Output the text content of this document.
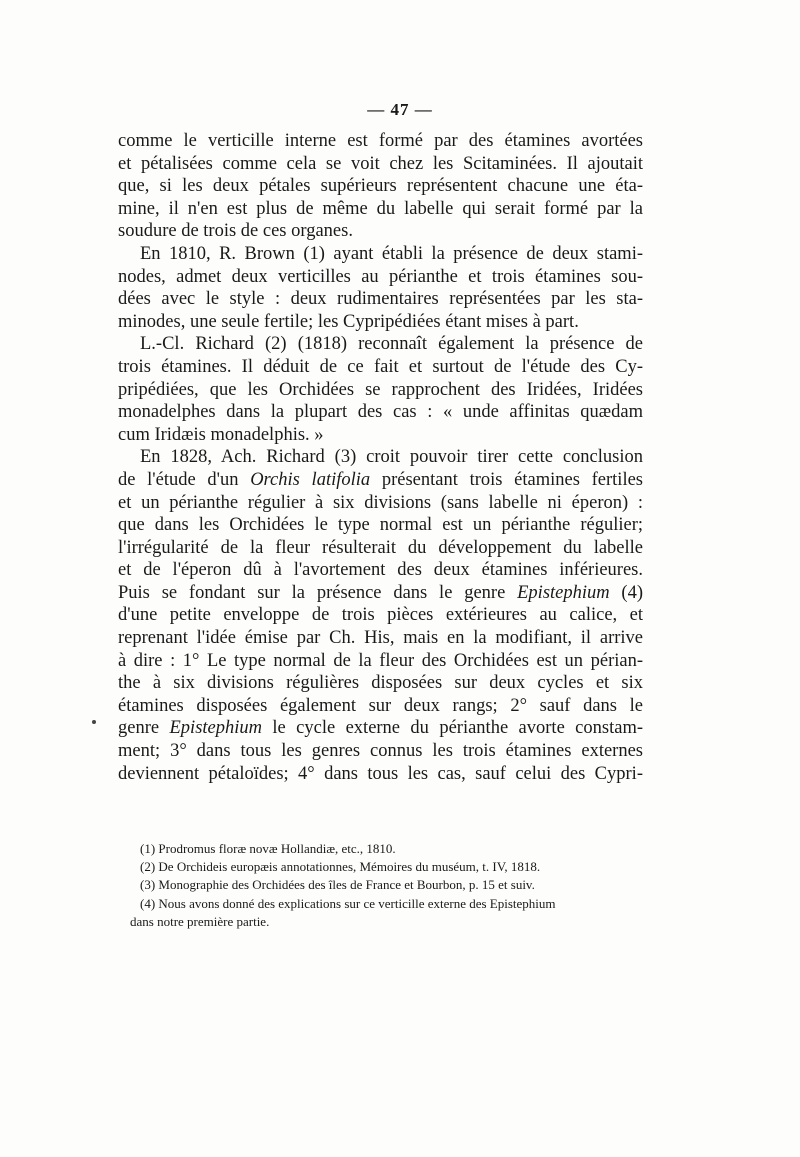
— 47 —
comme le verticille interne est formé par des étamines avortées
et pétalisées comme cela se voit chez les Scitaminées. Il ajoutait
que, si les deux pétales supérieurs représentent chacune une éta-
mine, il n'en est plus de même du labelle qui serait formé par la
soudure de trois de ces organes.
En 1810, R. Brown (1) ayant établi la présence de deux stami-
nodes, admet deux verticilles au périanthe et trois étamines sou-
dées avec le style : deux rudimentaires représentées par les sta-
minodes, une seule fertile; les Cypripédiées étant mises à part.
L.-Cl. Richard (2) (1818) reconnaît également la présence de
trois étamines. Il déduit de ce fait et surtout de l'étude des Cy-
pripédiées, que les Orchidées se rapprochent des Iridées, Iridées
monadelphes dans la plupart des cas : « unde affinitas quædam
cum Iridæis monadelphis. »
En 1828, Ach. Richard (3) croit pouvoir tirer cette conclusion
de l'étude d'un Orchis latifolia présentant trois étamines fertiles
et un périanthe régulier à six divisions (sans labelle ni éperon) :
que dans les Orchidées le type normal est un périanthe régulier;
l'irrégularité de la fleur résulterait du développement du labelle
et de l'éperon dû à l'avortement des deux étamines inférieures.
Puis se fondant sur la présence dans le genre Epistephium (4)
d'une petite enveloppe de trois pièces extérieures au calice, et
reprenant l'idée émise par Ch. His, mais en la modifiant, il arrive
à dire : 1° Le type normal de la fleur des Orchidées est un périan-
the à six divisions régulières disposées sur deux cycles et six
étamines disposées également sur deux rangs; 2° sauf dans le
genre Epistephium le cycle externe du périanthe avorte constam-
ment; 3° dans tous les genres connus les trois étamines externes
deviennent pétaloïdes; 4° dans tous les cas, sauf celui des Cypri-
(1) Prodromus floræ novæ Hollandiæ, etc., 1810.
(2) De Orchideis europæis annotationnes, Mémoires du muséum, t. IV, 1818.
(3) Monographie des Orchidées des îles de France et Bourbon, p. 15 et suiv.
(4) Nous avons donné des explications sur ce verticille externe des Epistephium
dans notre première partie.
